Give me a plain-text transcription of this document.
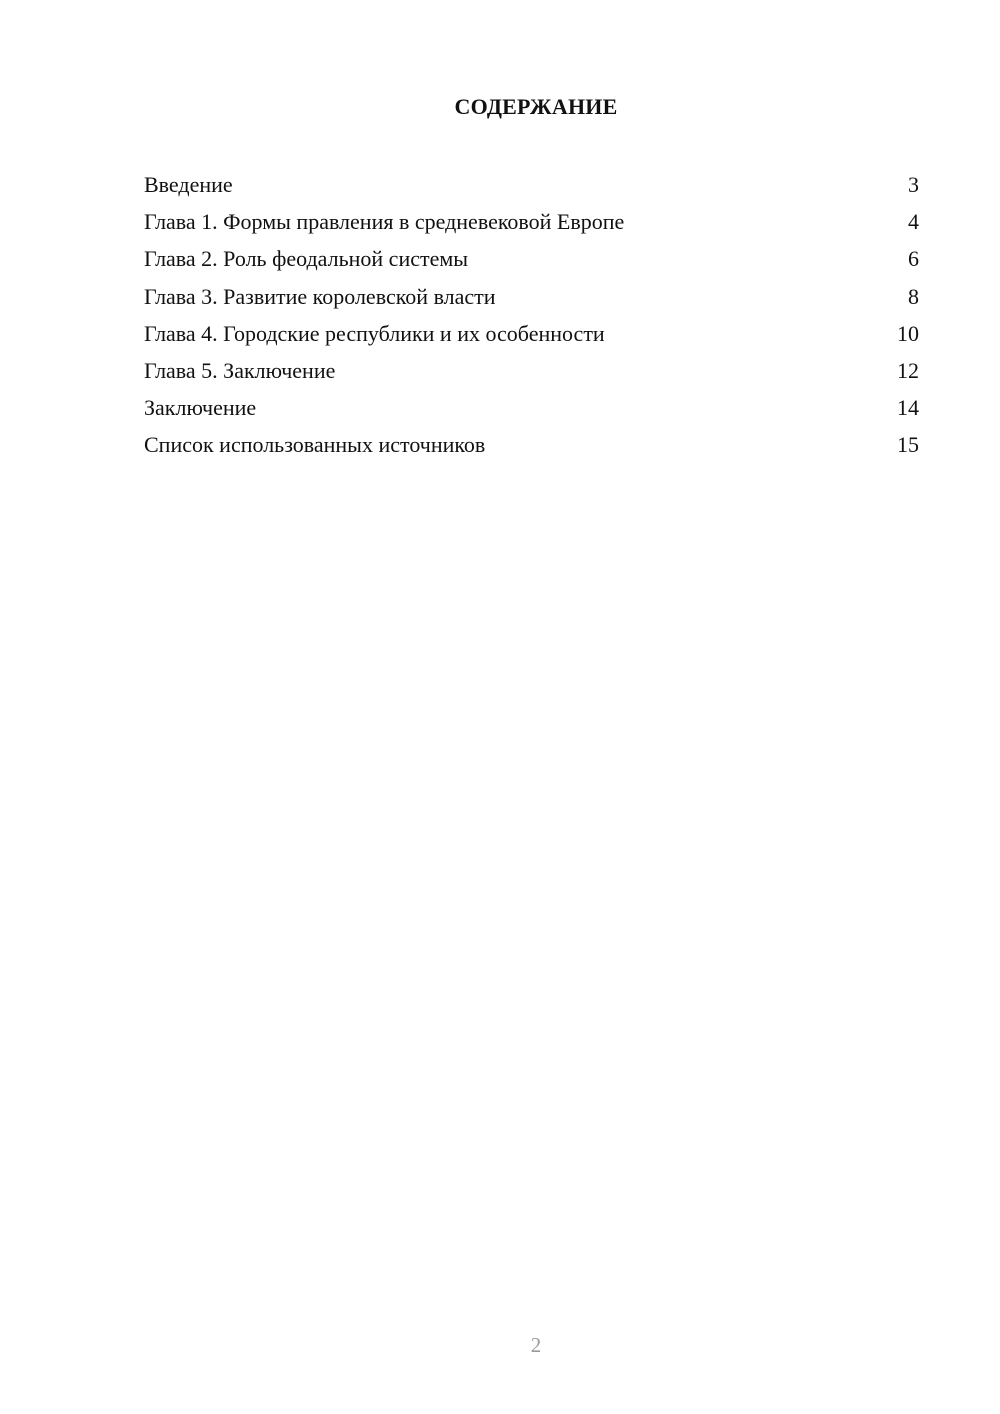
СОДЕРЖАНИЕ
Введение	3
Глава 1. Формы правления в средневековой Европе	4
Глава 2. Роль феодальной системы	6
Глава 3. Развитие королевской власти	8
Глава 4. Городские республики и их особенности	10
Глава 5. Заключение	12
Заключение	14
Список использованных источников	15
2
